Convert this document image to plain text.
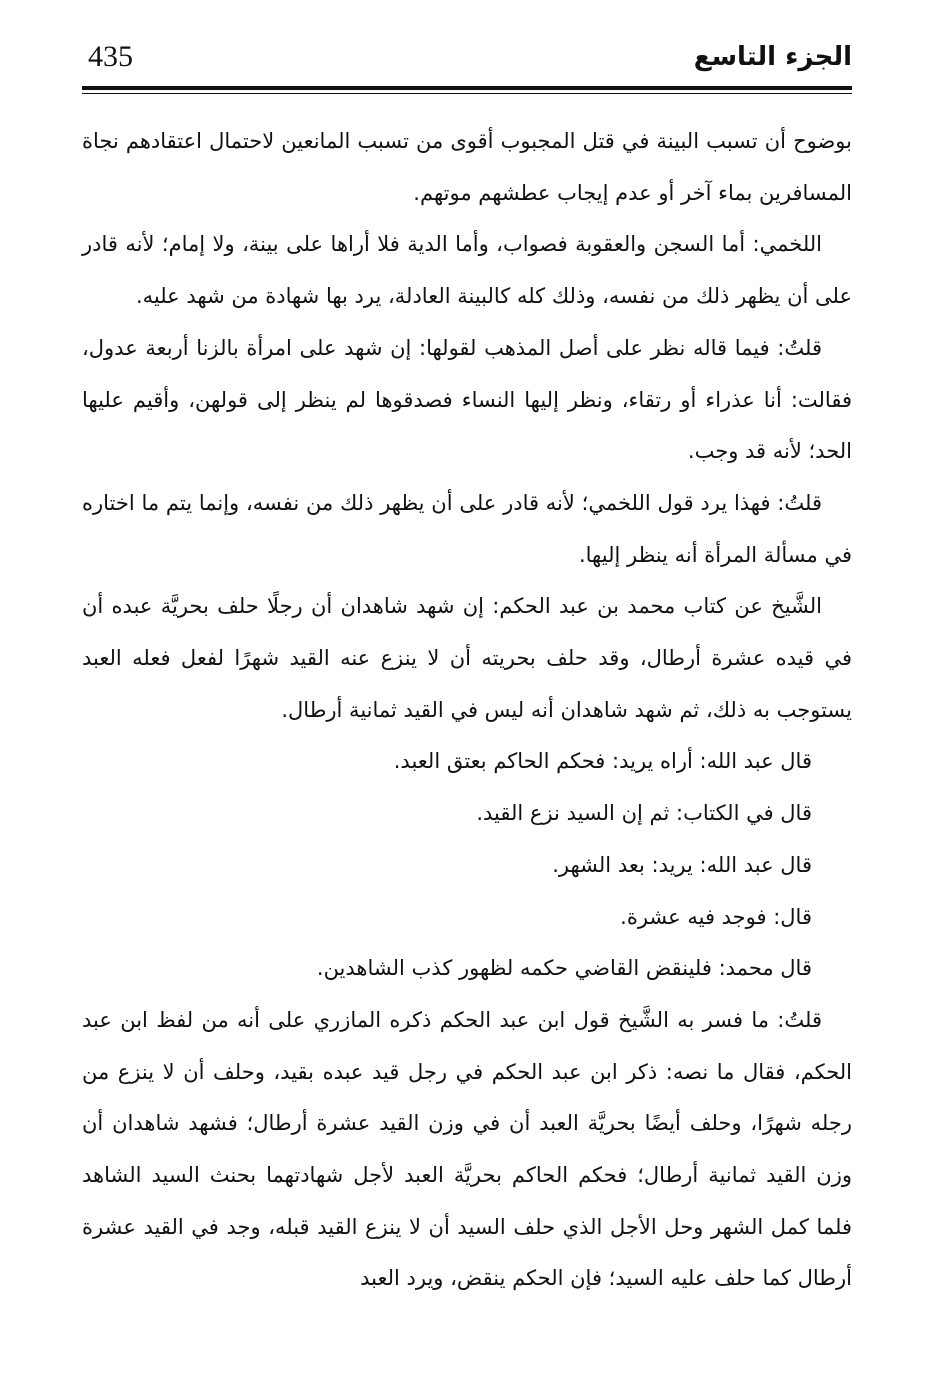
435	الجزء التاسع

بوضوح أن تسبب البينة في قتل المجبوب أقوى من تسبب المانعين لاحتمال اعتقادهم نجاة المسافرين بماء آخر أو عدم إيجاب عطشهم موتهم.

اللخمي: أما السجن والعقوبة فصواب، وأما الدية فلا أراها على بينة، ولا إمام؛ لأنه قادر على أن يظهر ذلك من نفسه، وذلك كله كالبينة العادلة، يرد بها شهادة من شهد عليه.

قلتُ: فيما قاله نظر على أصل المذهب لقولها: إن شهد على امرأة بالزنا أربعة عدول، فقالت: أنا عذراء أو رتقاء، ونظر إليها النساء فصدقوها لم ينظر إلى قولهن، وأقيم عليها الحد؛ لأنه قد وجب.

قلتُ: فهذا يرد قول اللخمي؛ لأنه قادر على أن يظهر ذلك من نفسه، وإنما يتم ما اختاره في مسألة المرأة أنه ينظر إليها.

الشَّيخ عن كتاب محمد بن عبد الحكم: إن شهد شاهدان أن رجلًا حلف بحريَّة عبده أن في قيده عشرة أرطال، وقد حلف بحريته أن لا ينزع عنه القيد شهرًا لفعل فعله العبد يستوجب به ذلك، ثم شهد شاهدان أنه ليس في القيد ثمانية أرطال.

قال عبد الله: أراه يريد: فحكم الحاكم بعتق العبد.

قال في الكتاب: ثم إن السيد نزع القيد.

قال عبد الله: يريد: بعد الشهر.

قال: فوجد فيه عشرة.

قال محمد: فلينقض القاضي حكمه لظهور كذب الشاهدين.

قلتُ: ما فسر به الشَّيخ قول ابن عبد الحكم ذكره المازري على أنه من لفظ ابن عبد الحكم، فقال ما نصه: ذكر ابن عبد الحكم في رجل قيد عبده بقيد، وحلف أن لا ينزع من رجله شهرًا، وحلف أيضًا بحريَّة العبد أن في وزن القيد عشرة أرطال؛ فشهد شاهدان أن وزن القيد ثمانية أرطال؛ فحكم الحاكم بحريَّة العبد لأجل شهادتهما بحنث السيد الشاهد فلما كمل الشهر وحل الأجل الذي حلف السيد أن لا ينزع القيد قبله، وجد في القيد عشرة أرطال كما حلف عليه السيد؛ فإن الحكم ينقض، ويرد العبد
